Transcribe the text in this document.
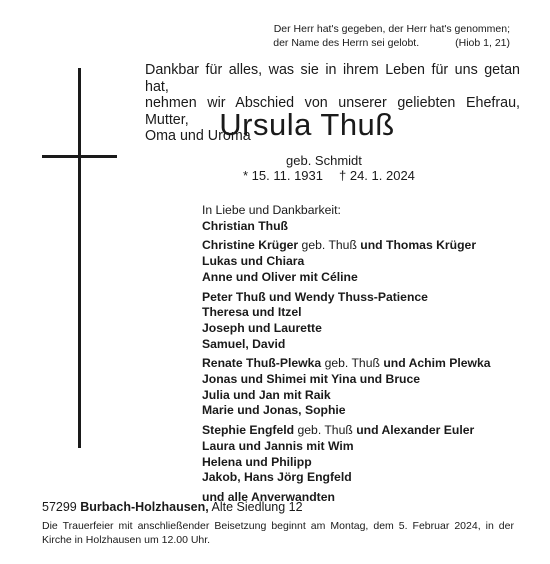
Der Herr hat's gegeben, der Herr hat's genommen;
der Name des Herrn sei gelobt.	(Hiob 1, 21)
Dankbar für alles, was sie in ihrem Leben für uns getan hat,
nehmen wir Abschied von unserer geliebten Ehefrau, Mutter,
Oma und Uroma
Ursula Thuß
geb. Schmidt
* 15. 11. 1931 † 24. 1. 2024
In Liebe und Dankbarkeit:
Christian Thuß
Christine Krüger geb. Thuß und Thomas Krüger
Lukas und Chiara
Anne und Oliver mit Céline
Peter Thuß und Wendy Thuss-Patience
Theresa und Itzel
Joseph und Laurette
Samuel, David
Renate Thuß-Plewka geb. Thuß und Achim Plewka
Jonas und Shimei mit Yina und Bruce
Julia und Jan mit Raik
Marie und Jonas, Sophie
Stephie Engfeld geb. Thuß und Alexander Euler
Laura und Jannis mit Wim
Helena und Philipp
Jakob, Hans Jörg Engfeld
und alle Anverwandten
57299 Burbach-Holzhausen, Alte Siedlung 12
Die Trauerfeier mit anschließender Beisetzung beginnt am Montag, dem 5. Februar 2024, in der
Kirche in Holzhausen um 12.00 Uhr.
